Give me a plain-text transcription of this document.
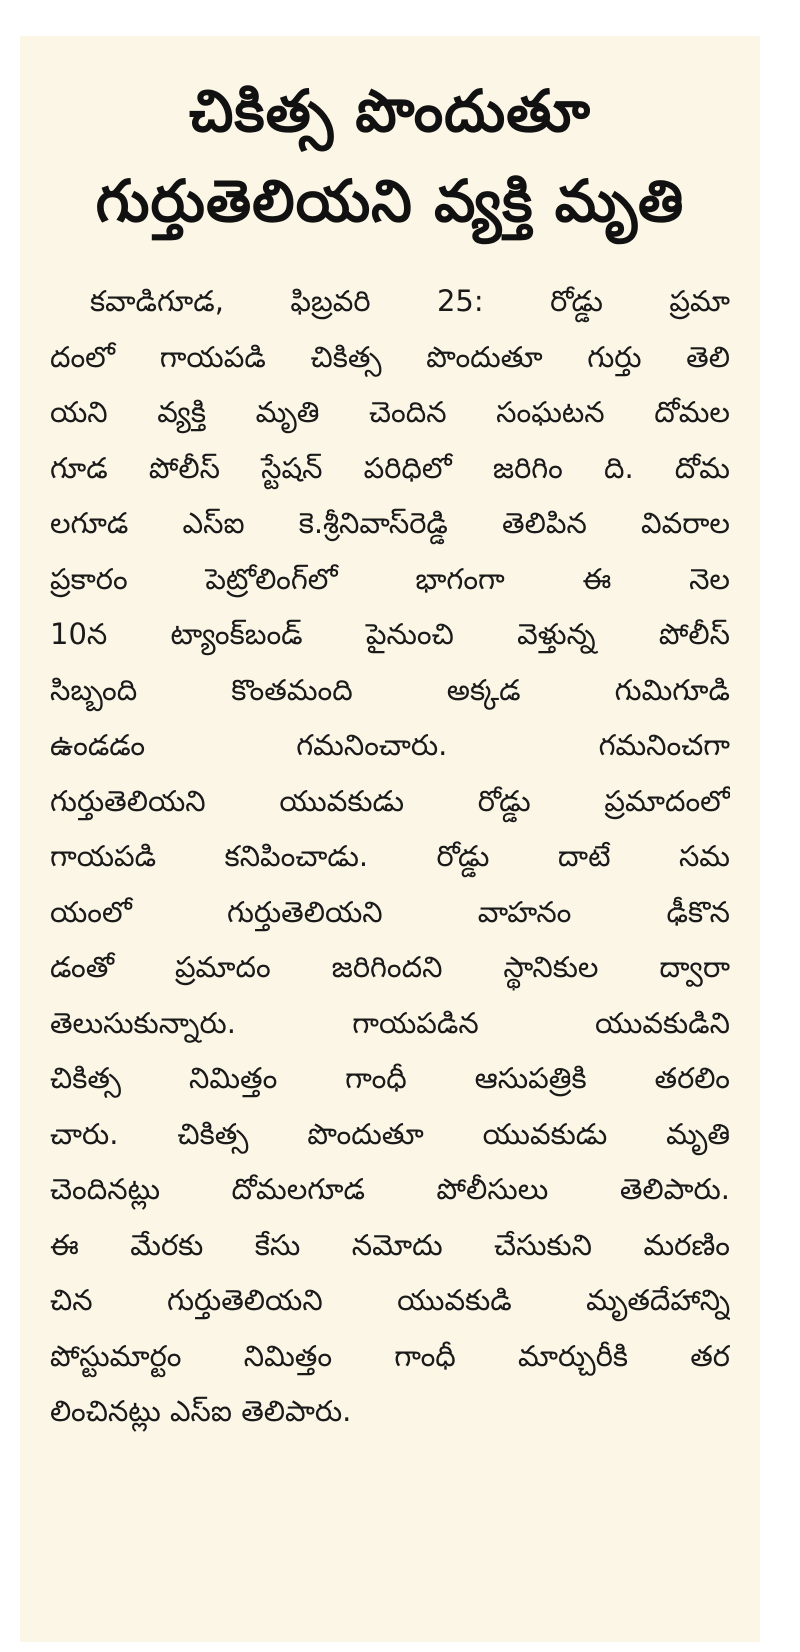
చికిత్స పొందుతూ
గుర్తుతెలియని వ్యక్తి మృతి
కవాడిగూడ, ఫిబ్రవరి 25: రోడ్డు ప్రమా
దంలో గాయపడి చికిత్స పొందుతూ గుర్తు తెలి
యని వ్యక్తి మృతి చెందిన సంఘటన దోమల
గూడ పోలీస్ స్టేషన్ పరిధిలో జరిగిం ది. దోమ
లగూడ ఎస్ఐ కె.శ్రీనివాస్‌రెడ్డి తెలిపిన వివరాల
ప్రకారం పెట్రోలింగ్‌లో భాగంగా ఈ నెల
10న ట్యాంక్‌బండ్ పైనుంచి వెళ్తున్న పోలీస్
సిబ్బంది కొంతమంది అక్కడ గుమిగూడి
ఉండడం గమనించారు. గమనించగా
గుర్తుతెలియని యువకుడు రోడ్డు ప్రమాదంలో
గాయపడి కనిపించాడు. రోడ్డు దాటే సమ
యంలో గుర్తుతెలియని వాహనం ఢీకొన
డంతో ప్రమాదం జరిగిందని స్థానికుల ద్వారా
తెలుసుకున్నారు. గాయపడిన యువకుడిని
చికిత్స నిమిత్తం గాంధీ ఆసుపత్రికి తరలిం
చారు. చికిత్స పొందుతూ యువకుడు మృతి
చెందినట్లు దోమలగూడ పోలీసులు తెలిపారు.
ఈ మేరకు కేసు నమోదు చేసుకుని మరణిం
చిన గుర్తుతెలియని యువకుడి మృతదేహాన్ని
పోస్టుమార్టం నిమిత్తం గాంధీ మార్చురీకి తర
లించినట్లు ఎస్ఐ తెలిపారు.
